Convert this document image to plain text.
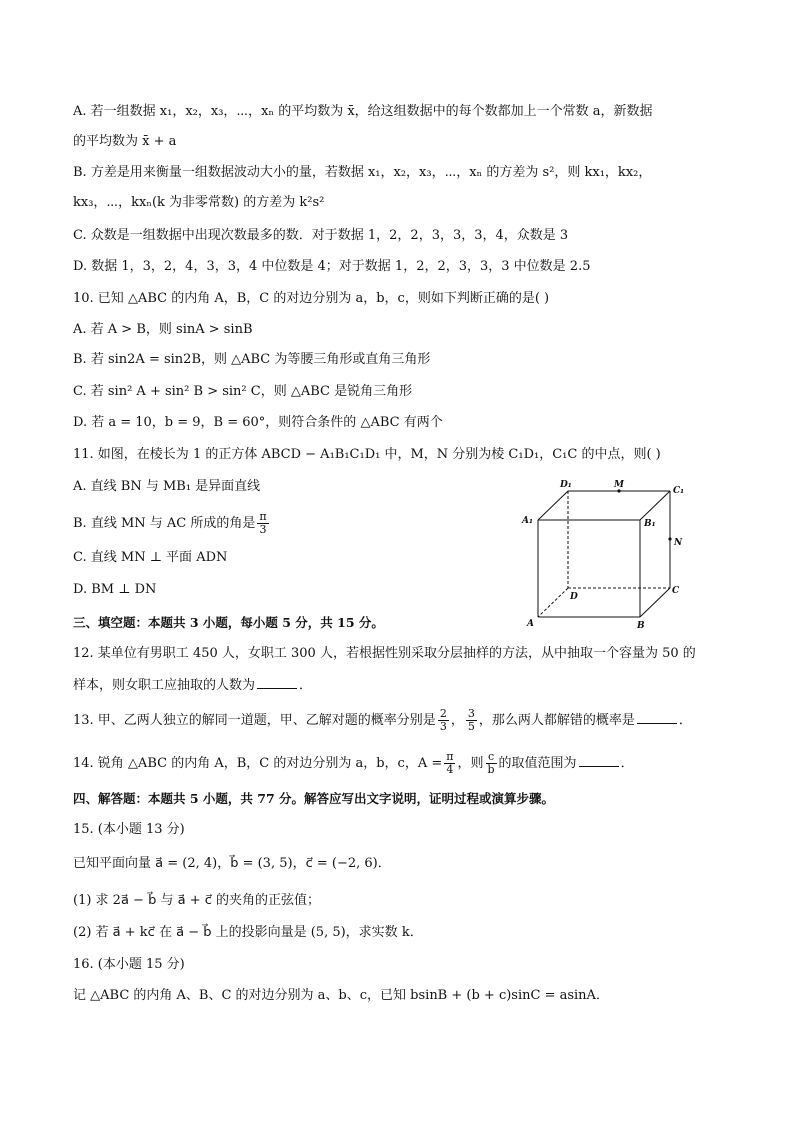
A. 若一组数据 x₁，x₂，x₃，⋯，xₙ 的平均数为 x̄，给这组数据中的每个数都加上一个常数 a，新数据
的平均数为 x̄ + a
B. 方差是用来衡量一组数据波动大小的量，若数据 x₁，x₂，x₃，⋯，xₙ 的方差为 s²，则 kx₁，kx₂，
kx₃，⋯，kxₙ(k 为非零常数) 的方差为 k²s²
C. 众数是一组数据中出现次数最多的数．对于数据 1，2，2，3，3，3，4，众数是 3
D. 数据 1，3，2，4，3，3，4 中位数是 4；对于数据 1，2，2，3，3，3 中位数是 2.5
10. 已知 △ABC 的内角 A，B，C 的对边分别为 a，b，c，则如下判断正确的是( )
A. 若 A > B，则 sinA > sinB
B. 若 sin2A = sin2B，则 △ABC 为等腰三角形或直角三角形
C. 若 sin² A + sin² B > sin² C，则 △ABC 是锐角三角形
D. 若 a = 10，b = 9，B = 60°，则符合条件的 △ABC 有两个
11. 如图，在棱长为 1 的正方体 ABCD − A₁B₁C₁D₁ 中，M，N 分别为棱 C₁D₁，C₁C 的中点，则( )
A. 直线 BN 与 MB₁ 是异面直线
B. 直线 MN 与 AC 所成的角是 $\frac{\pi}{3}$
C. 直线 MN ⊥ 平面 ADN
D. BM ⊥ DN
D₁	M
C₁
A₁	B₁
N
D
C
A	B
三、填空题：本题共 3 小题，每小题 5 分，共 15 分。
12. 某单位有男职工 450 人，女职工 300 人，若根据性别采取分层抽样的方法，从中抽取一个容量为 50 的
样本，则女职工应抽取的人数为	．
13. 甲、乙两人独立的解同一道题，甲、乙解对题的概率分别是 $\frac{2}{3}$ ， $\frac{3}{5}$ ，那么两人都解错的概率是	．
14. 锐角 △ABC 的内角 A，B，C 的对边分别为 a，b，c，$A = \frac{\pi}{4}$ ，则 $\frac{c}{b}$ 的取值范围为	．
四、解答题：本题共 5 小题，共 77 分。解答应写出文字说明，证明过程或演算步骤。
15. (本小题 13 分)
已知平面向量 a⃗ = (2, 4)，b⃗ = (3, 5)，c⃗ = (−2, 6)．
(1) 求 2a⃗ − b⃗ 与 a⃗ + c⃗ 的夹角的正弦值；
(2) 若 a⃗ + kc⃗ 在 a⃗ − b⃗ 上的投影向量是 (5, 5)，求实数 k．
16. (本小题 15 分)
记 △ABC 的内角 A、B、C 的对边分别为 a、b、c，已知 bsinB + (b + c)sinC = asinA．
